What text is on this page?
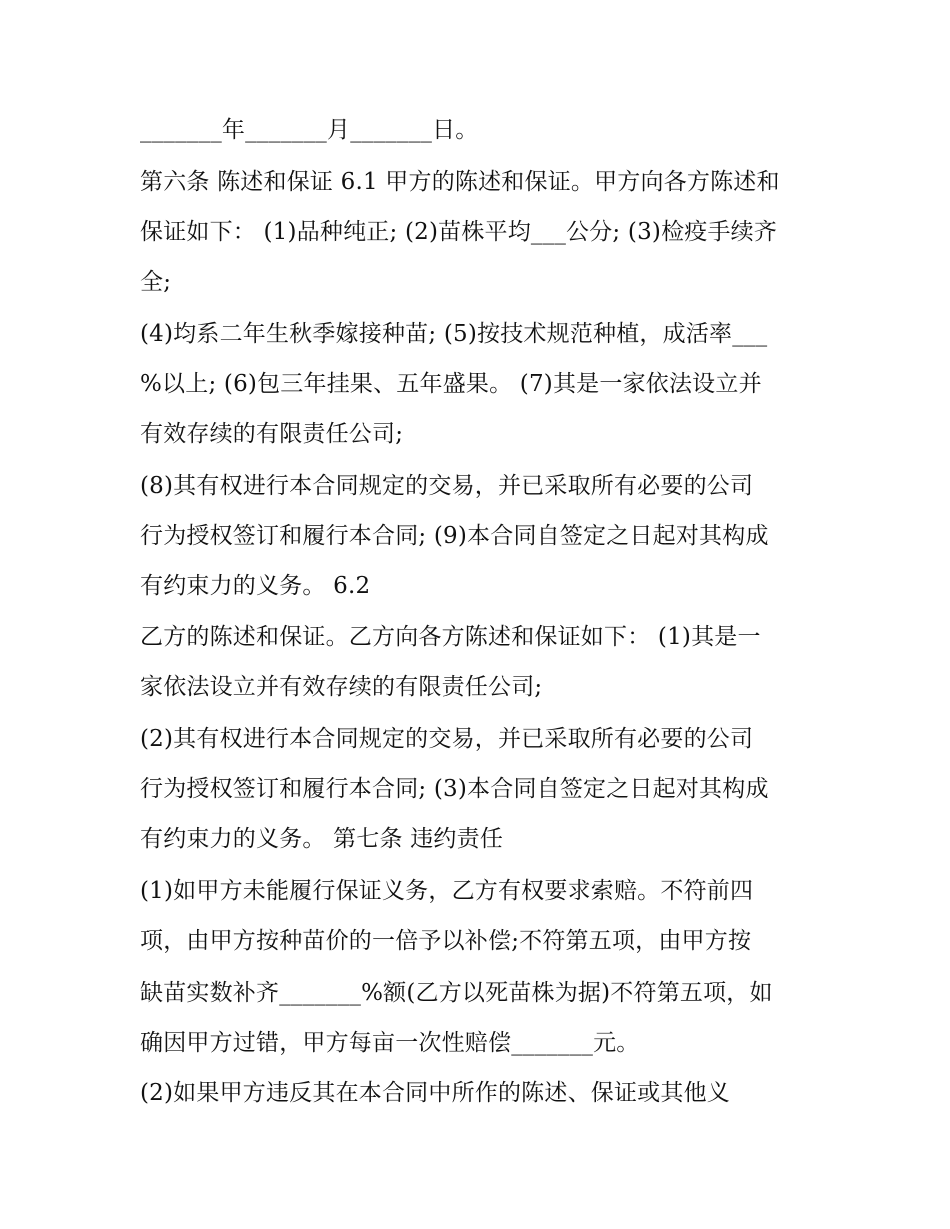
_______年_______月_______日。
第六条 陈述和保证 6.1 甲方的陈述和保证。甲方向各方陈述和
保证如下： (1)品种纯正; (2)苗株平均___公分; (3)检疫手续齐
全;
(4)均系二年生秋季嫁接种苗; (5)按技术规范种植，成活率___
%以上; (6)包三年挂果、五年盛果。 (7)其是一家依法设立并
有效存续的有限责任公司;
(8)其有权进行本合同规定的交易，并已采取所有必要的公司
行为授权签订和履行本合同; (9)本合同自签定之日起对其构成
有约束力的义务。 6.2
乙方的陈述和保证。乙方向各方陈述和保证如下： (1)其是一
家依法设立并有效存续的有限责任公司;
(2)其有权进行本合同规定的交易，并已采取所有必要的公司
行为授权签订和履行本合同; (3)本合同自签定之日起对其构成
有约束力的义务。 第七条 违约责任
(1)如甲方未能履行保证义务，乙方有权要求索赔。不符前四
项，由甲方按种苗价的一倍予以补偿;不符第五项，由甲方按
缺苗实数补齐_______%额(乙方以死苗株为据)不符第五项，如
确因甲方过错，甲方每亩一次性赔偿_______元。
(2)如果甲方违反其在本合同中所作的陈述、保证或其他义
